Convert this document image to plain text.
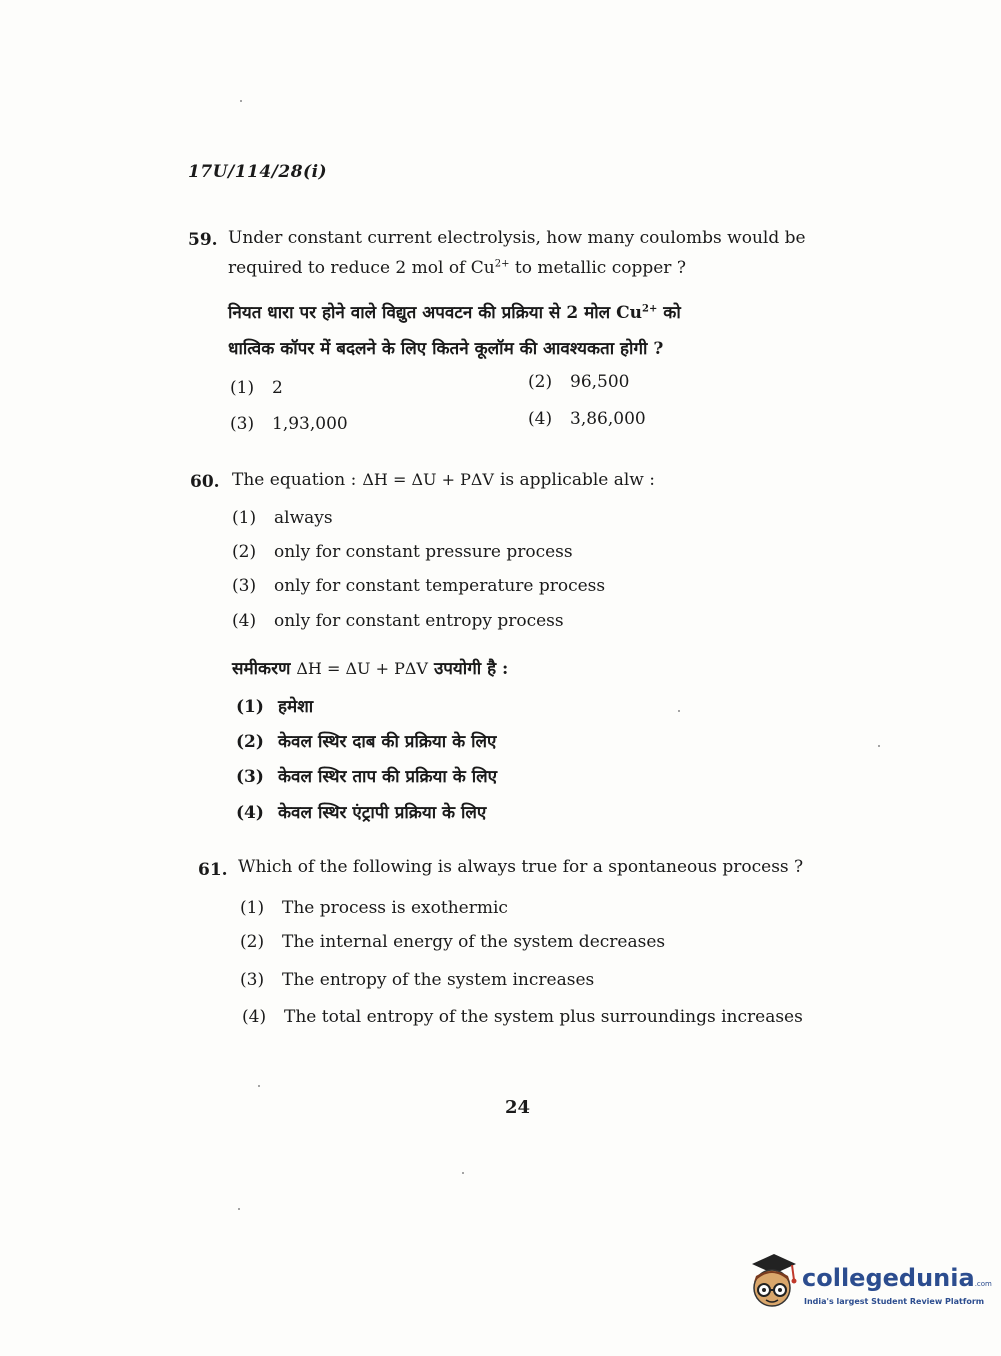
17U/114/28(i)
59. Under constant current electrolysis, how many coulombs would be
required to reduce 2 mol of $Cu^{2+}$ to metallic copper ?
नियत धारा पर होने वाले विद्युत अपवटन की प्रक्रिया से 2 मोल $Cu^{2+}$ को
धात्विक कॉपर में बदलने के लिए कितने कूलॉम की आवश्यकता होगी ?
(1) 2	(2) 96,500
(3) 1,93,000	(4) 3,86,000
60. The equation : ΔH = ΔU + PΔV is applicable alw :
(1) always
(2) only for constant pressure process
(3) only for constant temperature process
(4) only for constant entropy process
समीकरण ΔH = ΔU + PΔV उपयोगी है :
(1) हमेशा
(2) केवल स्थिर दाब की प्रक्रिया के लिए
(3) केवल स्थिर ताप की प्रक्रिया के लिए
(4) केवल स्थिर एंट्रापी प्रक्रिया के लिए
61. Which of the following is always true for a spontaneous process ?
(1) The process is exothermic
(2) The internal energy of the system decreases
(3) The entropy of the system increases
(4) The total entropy of the system plus surroundings increases
24
collegedunia.com
India's largest Student Review Platform
